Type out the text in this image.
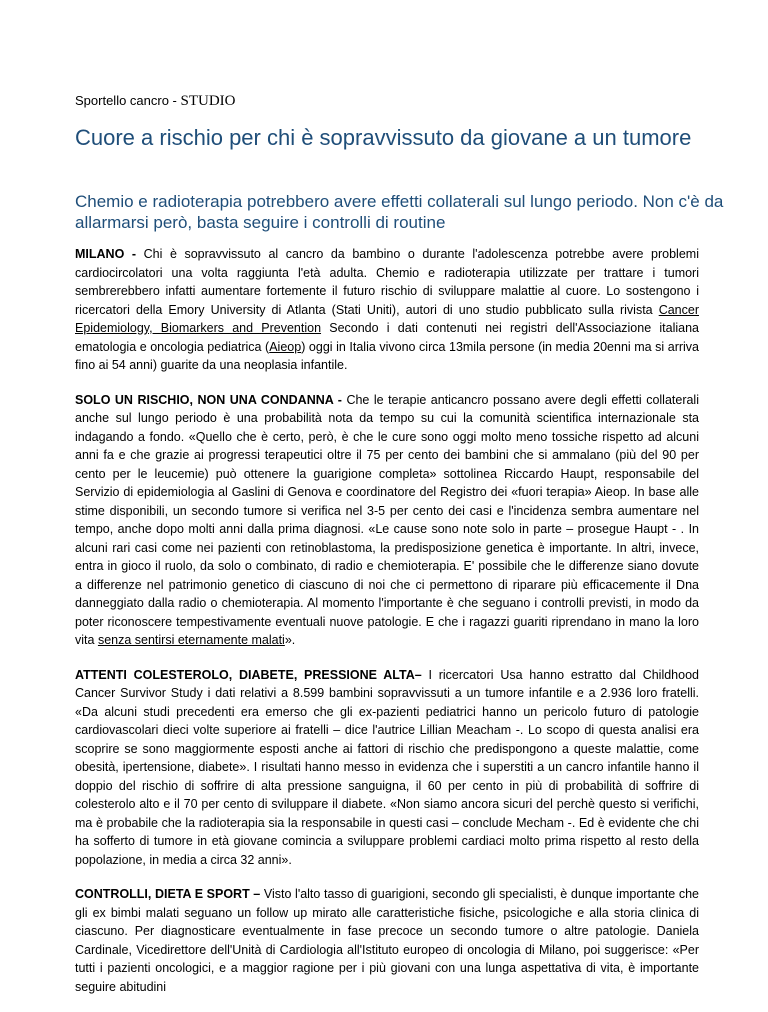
Sportello cancro - STUDIO
Cuore a rischio per chi è sopravvissuto da giovane a un tumore
Chemio e radioterapia potrebbero avere effetti collaterali sul lungo periodo. Non c'è da allarmarsi però, basta seguire i controlli di routine

MILANO - Chi è sopravvissuto al cancro da bambino o durante l'adolescenza potrebbe avere problemi cardiocircolatori una volta raggiunta l'età adulta. Chemio e radioterapia utilizzate per trattare i tumori sembrerebbero infatti aumentare fortemente il futuro rischio di sviluppare malattie al cuore. Lo sostengono i ricercatori della Emory University di Atlanta (Stati Uniti), autori di uno studio pubblicato sulla rivista Cancer Epidemiology, Biomarkers and Prevention Secondo i dati contenuti nei registri dell'Associazione italiana ematologia e oncologia pediatrica (Aieop) oggi in Italia vivono circa 13mila persone (in media 20enni ma si arriva fino ai 54 anni) guarite da una neoplasia infantile.

SOLO UN RISCHIO, NON UNA CONDANNA - Che le terapie anticancro possano avere degli effetti collaterali anche sul lungo periodo è una probabilità nota da tempo su cui la comunità scientifica internazionale sta indagando a fondo. «Quello che è certo, però, è che le cure sono oggi molto meno tossiche rispetto ad alcuni anni fa e che grazie ai progressi terapeutici oltre il 75 per cento dei bambini che si ammalano (più del 90 per cento per le leucemie) può ottenere la guarigione completa» sottolinea Riccardo Haupt, responsabile del Servizio di epidemiologia al Gaslini di Genova e coordinatore del Registro dei «fuori terapia» Aieop. In base alle stime disponibili, un secondo tumore si verifica nel 3-5 per cento dei casi e l'incidenza sembra aumentare nel tempo, anche dopo molti anni dalla prima diagnosi. «Le cause sono note solo in parte – prosegue Haupt - . In alcuni rari casi come nei pazienti con retinoblastoma, la predisposizione genetica è importante. In altri, invece, entra in gioco il ruolo, da solo o combinato, di radio e chemioterapia. E' possibile che le differenze siano dovute a differenze nel patrimonio genetico di ciascuno di noi che ci permettono di riparare più efficacemente il Dna danneggiato dalla radio o chemioterapia. Al momento l'importante è che seguano i controlli previsti, in modo da poter riconoscere tempestivamente eventuali nuove patologie. E che i ragazzi guariti riprendano in mano la loro vita senza sentirsi eternamente malati».

ATTENTI COLESTEROLO, DIABETE, PRESSIONE ALTA– I ricercatori Usa hanno estratto dal Childhood Cancer Survivor Study i dati relativi a 8.599 bambini sopravvissuti a un tumore infantile e a 2.936 loro fratelli. «Da alcuni studi precedenti era emerso che gli ex-pazienti pediatrici hanno un pericolo futuro di patologie cardiovascolari dieci volte superiore ai fratelli – dice l'autrice Lillian Meacham -. Lo scopo di questa analisi era scoprire se sono maggiormente esposti anche ai fattori di rischio che predispongono a queste malattie, come obesità, ipertensione, diabete». I risultati hanno messo in evidenza che i superstiti a un cancro infantile hanno il doppio del rischio di soffrire di alta pressione sanguigna, il 60 per cento in più di probabilità di soffrire di colesterolo alto e il 70 per cento di sviluppare il diabete. «Non siamo ancora sicuri del perchè questo si verifichi, ma è probabile che la radioterapia sia la responsabile in questi casi – conclude Mecham -. Ed è evidente che chi ha sofferto di tumore in età giovane comincia a sviluppare problemi cardiaci molto prima rispetto al resto della popolazione, in media a circa 32 anni».

CONTROLLI, DIETA E SPORT – Visto l'alto tasso di guarigioni, secondo gli specialisti, è dunque importante che gli ex bimbi malati seguano un follow up mirato alle caratteristiche fisiche, psicologiche e alla storia clinica di ciascuno. Per diagnosticare eventualmente in fase precoce un secondo tumore o altre patologie. Daniela Cardinale, Vicedirettore dell'Unità di Cardiologia all'Istituto europeo di oncologia di Milano, poi suggerisce: «Per tutti i pazienti oncologici, e a maggior ragione per i più giovani con una lunga aspettativa di vita, è importante seguire abitudini
